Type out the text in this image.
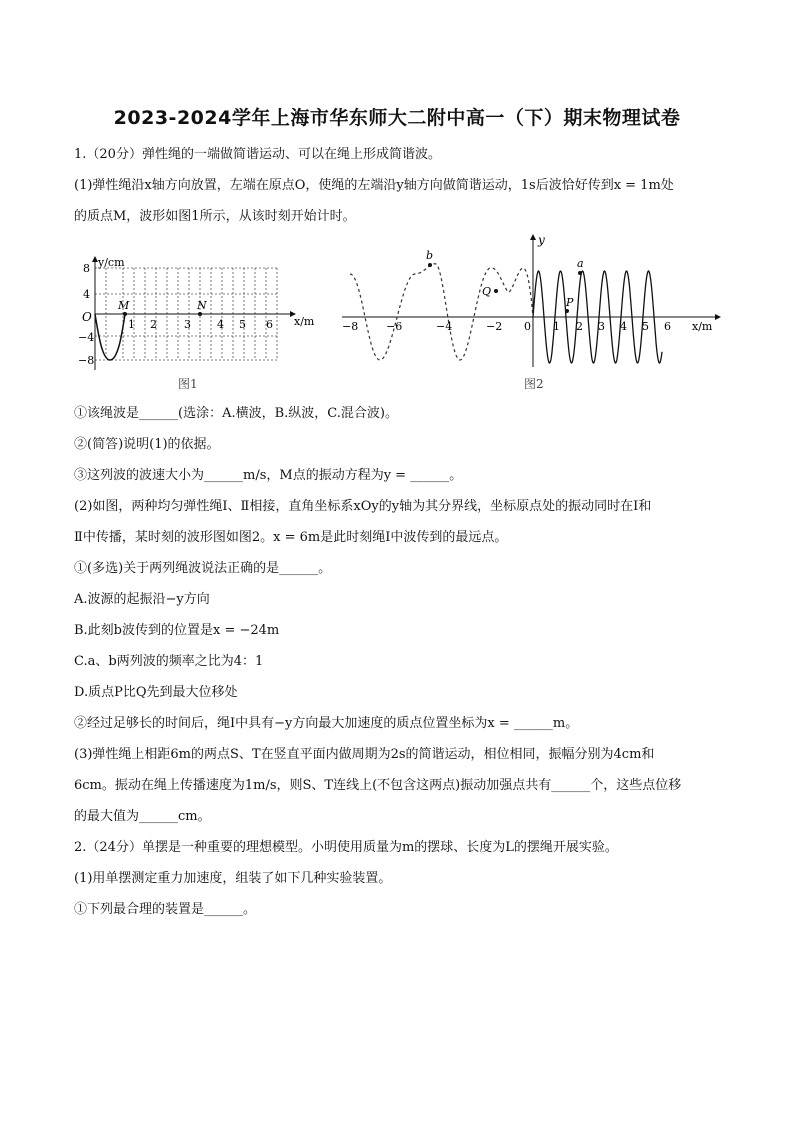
2023-2024学年上海市华东师大二附中高一（下）期末物理试卷
1.（20分）弹性绳的一端做简谐运动、可以在绳上形成简谐波。
(1)弹性绳沿x轴方向放置，左端在原点O，使绳的左端沿y轴方向做简谐运动，1s后波恰好传到x = 1m处
的质点M，波形如图1所示，从该时刻开始计时。
y/cm
x/m
O
8
4
−4
−8
1 2 3 4 5 6
M	N
图1
y
x/m
b
Q
a
P
−8	−6	−4	−2 0 1 2 3 4 5 6
图2
①该绳波是______(选涂：A.横波，B.纵波，C.混合波)。
②(简答)说明(1)的依据。
③这列波的波速大小为______m/s，M点的振动方程为y = ______。
(2)如图，两种均匀弹性绳Ⅰ、Ⅱ相接，直角坐标系xOy的y轴为其分界线，坐标原点处的振动同时在Ⅰ和
Ⅱ中传播，某时刻的波形图如图2。x = 6m是此时刻绳Ⅰ中波传到的最远点。
①(多选)关于两列绳波说法正确的是______。
A.波源的起振沿−y方向
B.此刻b波传到的位置是x = −24m
C.a、b两列波的频率之比为4：1
D.质点P比Q先到最大位移处
②经过足够长的时间后，绳Ⅰ中具有−y方向最大加速度的质点位置坐标为x = ______m。
(3)弹性绳上相距6m的两点S、T在竖直平面内做周期为2s的简谐运动，相位相同，振幅分别为4cm和
6cm。振动在绳上传播速度为1m/s，则S、T连线上(不包含这两点)振动加强点共有______个，这些点位移
的最大值为______cm。
2.（24分）单摆是一种重要的理想模型。小明使用质量为m的摆球、长度为L的摆绳开展实验。
(1)用单摆测定重力加速度，组装了如下几种实验装置。
①下列最合理的装置是______。
